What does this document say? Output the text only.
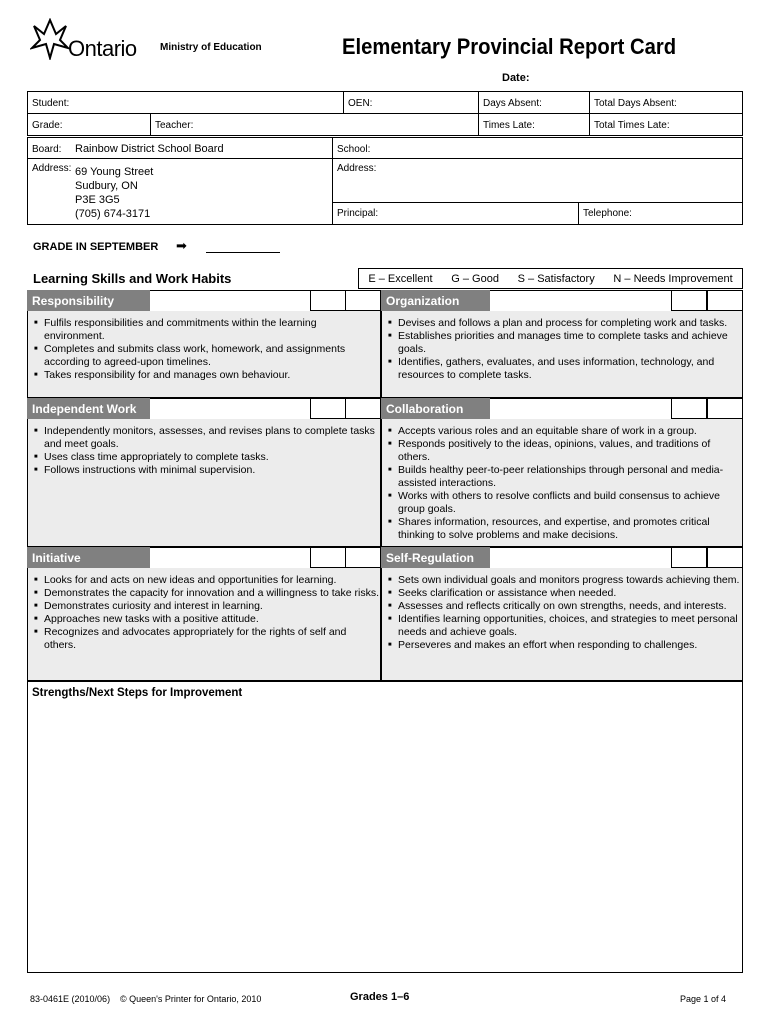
Ontario Ministry of Education	Elementary Provincial Report Card
Date:
Student:	OEN:	Days Absent:	Total Days Absent:
Grade:	Teacher:	Times Late:	Total Times Late:
Board: Rainbow District School Board	School:
Address: 69 Young Street
Sudbury, ON
P3E 3G5
(705) 674-3171
Address:
Principal:	Telephone:
GRADE IN SEPTEMBER ➡
Learning Skills and Work Habits	E – Excellent G – Good S – Satisfactory N – Needs Improvement
Responsibility
■ Fulfils responsibilities and commitments within the learning environment.
■ Completes and submits class work, homework, and assignments according to agreed-upon timelines.
■ Takes responsibility for and manages own behaviour.
Organization
■ Devises and follows a plan and process for completing work and tasks.
■ Establishes priorities and manages time to complete tasks and achieve goals.
■ Identifies, gathers, evaluates, and uses information, technology, and resources to complete tasks.
Independent Work
■ Independently monitors, assesses, and revises plans to complete tasks and meet goals.
■ Uses class time appropriately to complete tasks.
■ Follows instructions with minimal supervision.
Collaboration
■ Accepts various roles and an equitable share of work in a group.
■ Responds positively to the ideas, opinions, values, and traditions of others.
■ Builds healthy peer-to-peer relationships through personal and media-assisted interactions.
■ Works with others to resolve conflicts and build consensus to achieve group goals.
■ Shares information, resources, and expertise, and promotes critical thinking to solve problems and make decisions.
Initiative
■ Looks for and acts on new ideas and opportunities for learning.
■ Demonstrates the capacity for innovation and a willingness to take risks.
■ Demonstrates curiosity and interest in learning.
■ Approaches new tasks with a positive attitude.
■ Recognizes and advocates appropriately for the rights of self and others.
Self-Regulation
■ Sets own individual goals and monitors progress towards achieving them.
■ Seeks clarification or assistance when needed.
■ Assesses and reflects critically on own strengths, needs, and interests.
■ Identifies learning opportunities, choices, and strategies to meet personal needs and achieve goals.
■ Perseveres and makes an effort when responding to challenges.
Strengths/Next Steps for Improvement
83-0461E (2010/06) © Queen's Printer for Ontario, 2010	Grades 1–6	Page 1 of 4
